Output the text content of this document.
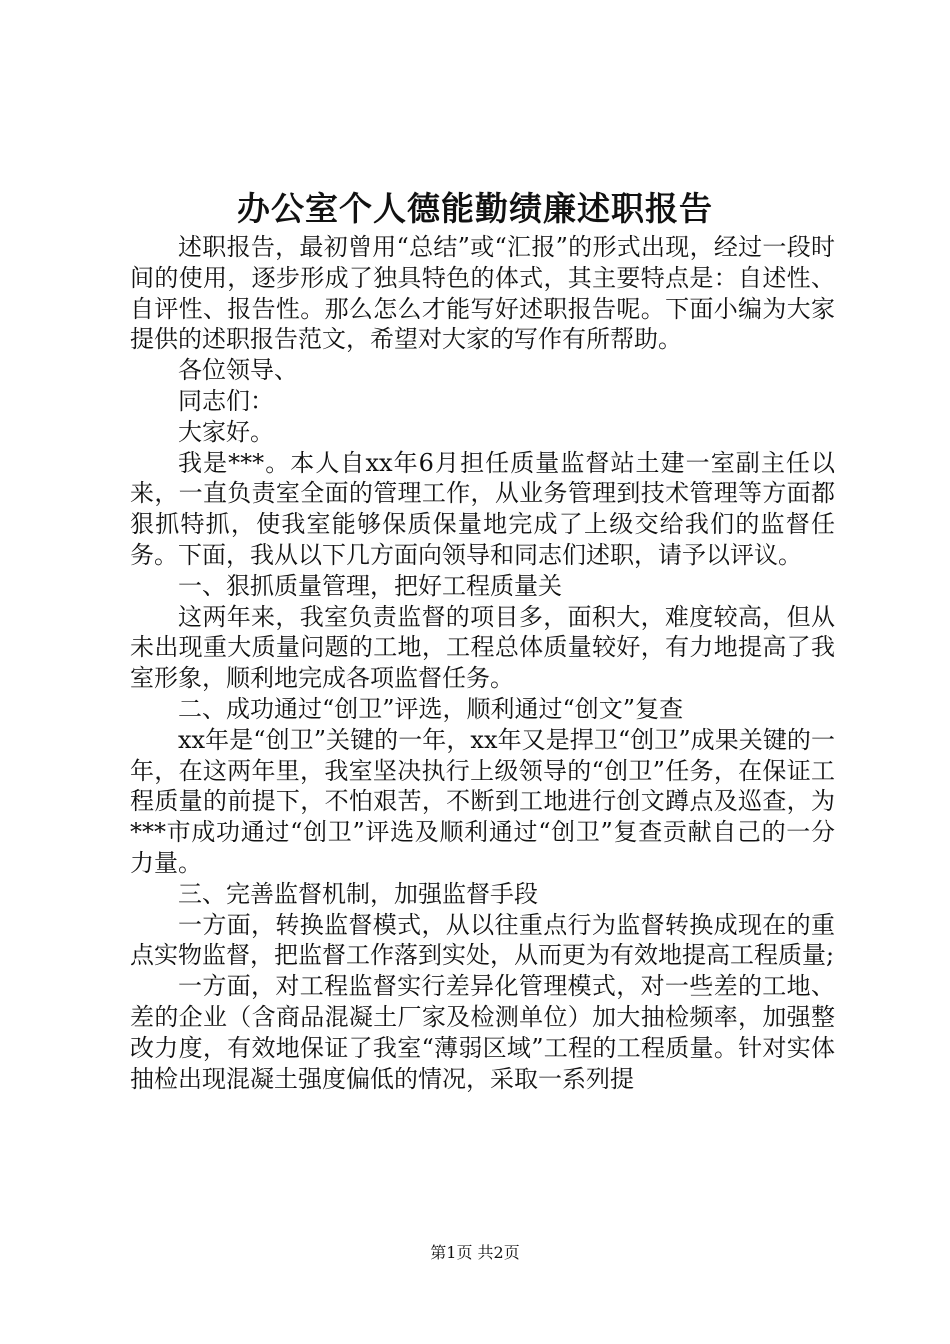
办公室个人德能勤绩廉述职报告

述职报告，最初曾用“总结”或“汇报”的形式出现，经过一段时间的使用，逐步形成了独具特色的体式，其主要特点是：自述性、自评性、报告性。那么怎么才能写好述职报告呢。下面小编为大家提供的述职报告范文，希望对大家的写作有所帮助。

各位领导、

同志们：

大家好。

我是***。本人自xx年6月担任质量监督站土建一室副主任以来，一直负责室全面的管理工作，从业务管理到技术管理等方面都狠抓特抓，使我室能够保质保量地完成了上级交给我们的监督任务。下面，我从以下几方面向领导和同志们述职，请予以评议。

一、狠抓质量管理，把好工程质量关

这两年来，我室负责监督的项目多，面积大，难度较高，但从未出现重大质量问题的工地，工程总体质量较好，有力地提高了我室形象，顺利地完成各项监督任务。

二、成功通过“创卫”评选，顺利通过“创文”复查

xx年是“创卫”关键的一年，xx年又是捍卫“创卫”成果关键的一年，在这两年里，我室坚决执行上级领导的“创卫”任务，在保证工程质量的前提下，不怕艰苦，不断到工地进行创文蹲点及巡查，为***市成功通过“创卫”评选及顺利通过“创卫”复查贡献自己的一分力量。

三、完善监督机制，加强监督手段

一方面，转换监督模式，从以往重点行为监督转换成现在的重点实物监督，把监督工作落到实处，从而更为有效地提高工程质量;

一方面，对工程监督实行差异化管理模式，对一些差的工地、差的企业（含商品混凝土厂家及检测单位）加大抽检频率，加强整改力度，有效地保证了我室“薄弱区域”工程的工程质量。针对实体抽检出现混凝土强度偏低的情况，采取一系列提

第1页 共2页
